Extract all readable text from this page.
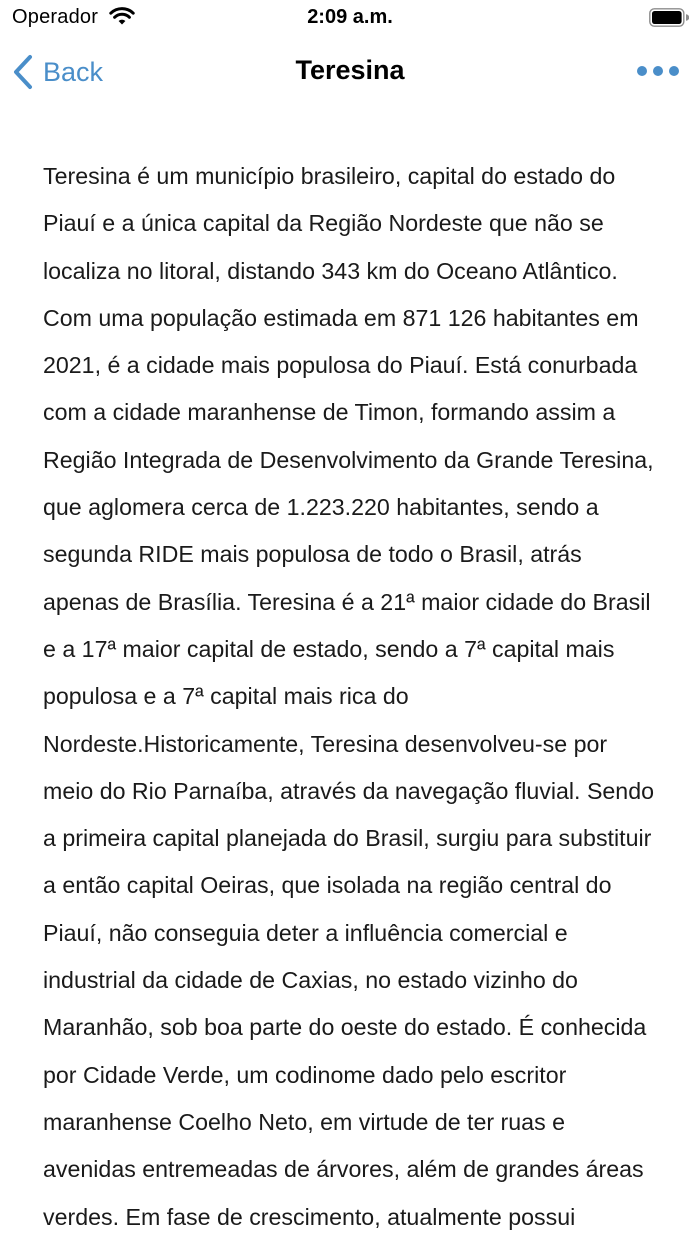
Operador	2:09 a.m.
Back	Teresina

Teresina é um município brasileiro, capital do estado do Piauí e a única capital da Região Nordeste que não se localiza no litoral, distando 343 km do Oceano Atlântico. Com uma população estimada em 871 126 habitantes em 2021, é a cidade mais populosa do Piauí. Está conurbada com a cidade maranhense de Timon, formando assim a Região Integrada de Desenvolvimento da Grande Teresina, que aglomera cerca de 1.223.220 habitantes, sendo a segunda RIDE mais populosa de todo o Brasil, atrás apenas de Brasília. Teresina é a 21ª maior cidade do Brasil e a 17ª maior capital de estado, sendo a 7ª capital mais populosa e a 7ª capital mais rica do Nordeste.Historicamente, Teresina desenvolveu-se por meio do Rio Parnaíba, através da navegação fluvial. Sendo a primeira capital planejada do Brasil, surgiu para substituir a então capital Oeiras, que isolada na região central do Piauí, não conseguia deter a influência comercial e industrial da cidade de Caxias, no estado vizinho do Maranhão, sob boa parte do oeste do estado. É conhecida por Cidade Verde, um codinome dado pelo escritor maranhense Coelho Neto, em virtude de ter ruas e avenidas entremeadas de árvores, além de grandes áreas verdes. Em fase de crescimento, atualmente possui
